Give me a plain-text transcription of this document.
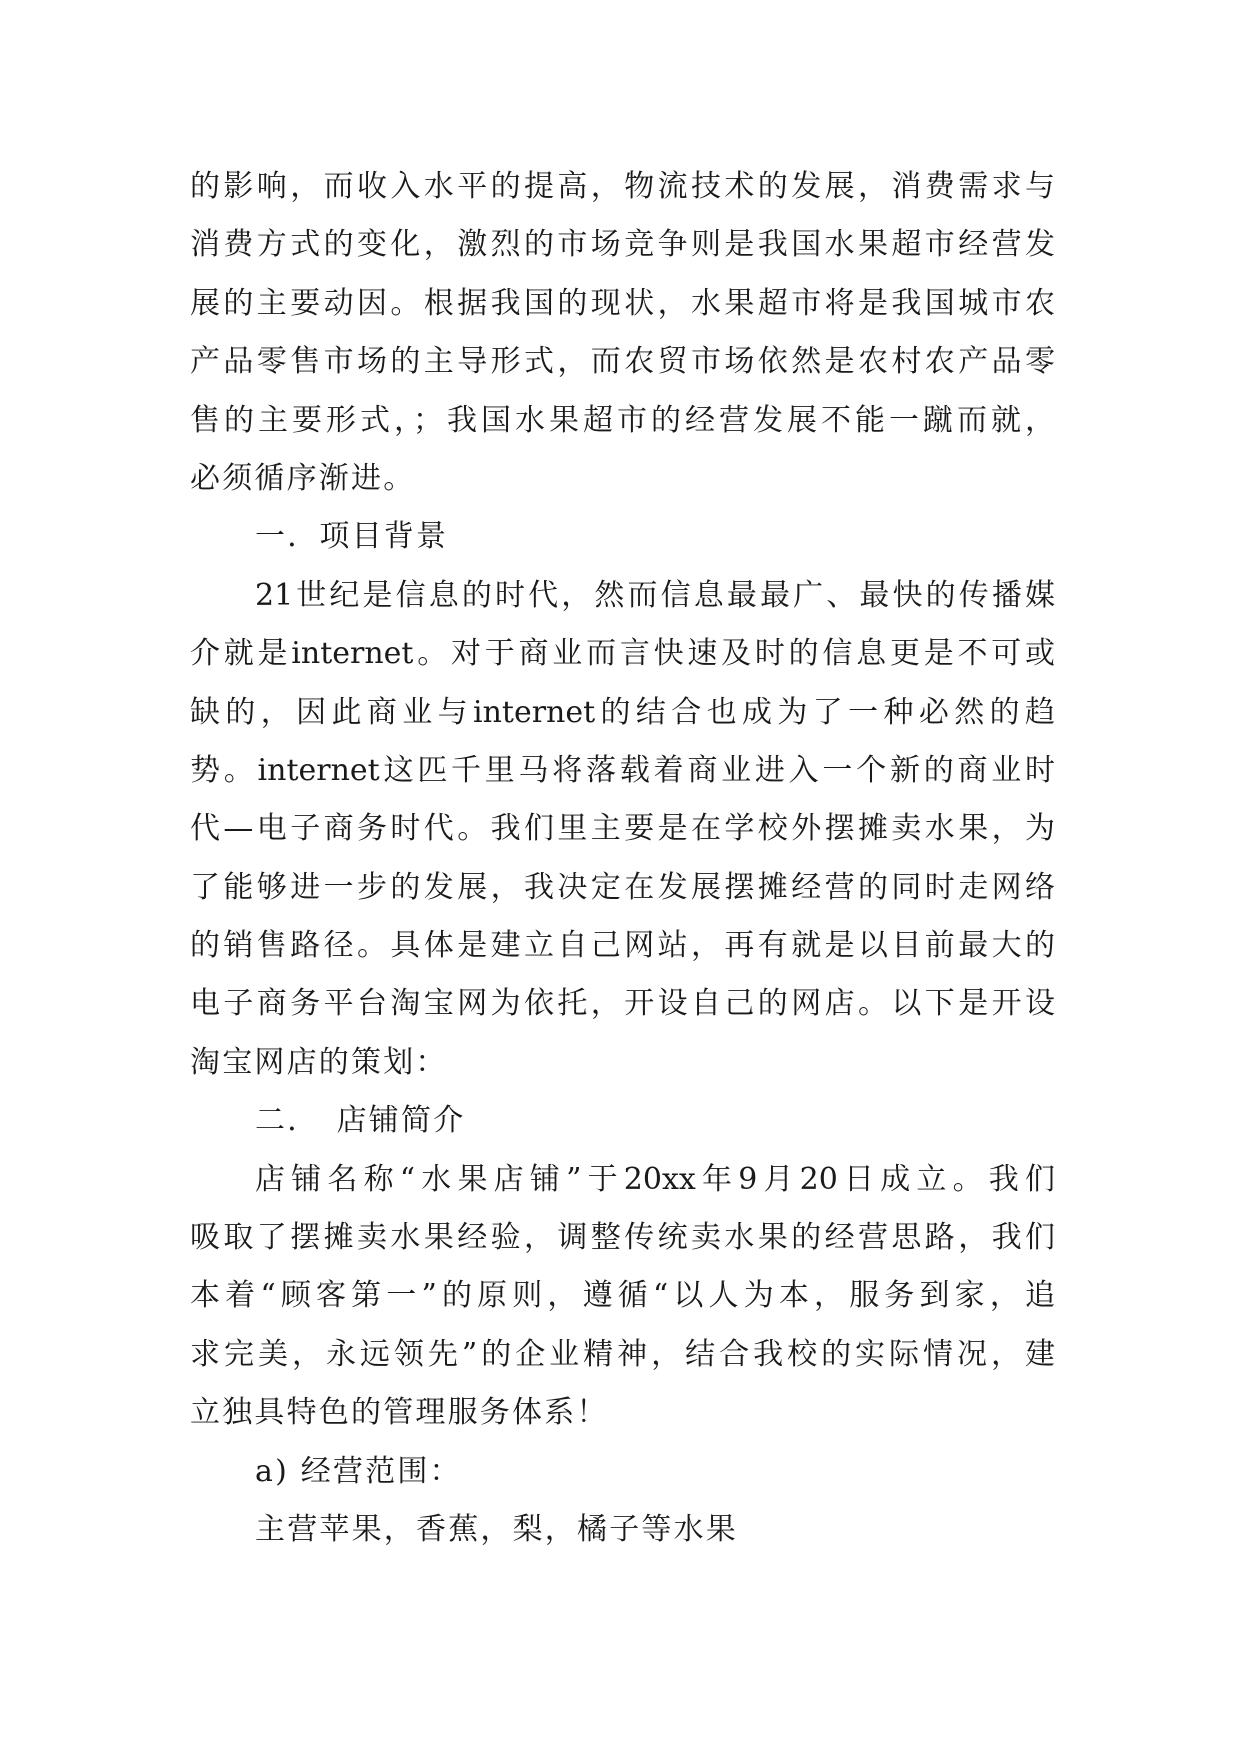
的影响，而收入水平的提高，物流技术的发展，消费需求与
消费方式的变化，激烈的市场竞争则是我国水果超市经营发
展的主要动因。根据我国的现状，水果超市将是我国城市农
产品零售市场的主导形式，而农贸市场依然是农村农产品零
售的主要形式，；我国水果超市的经营发展不能一蹴而就，
必须循序渐进。
一．项目背景
21世纪是信息的时代，然而信息最最广、最快的传播媒
介就是internet。对于商业而言快速及时的信息更是不可或
缺的，因此商业与internet的结合也成为了一种必然的趋
势。internet这匹千里马将落载着商业进入一个新的商业时
代—电子商务时代。我们里主要是在学校外摆摊卖水果，为
了能够进一步的发展，我决定在发展摆摊经营的同时走网络
的销售路径。具体是建立自己网站，再有就是以目前最大的
电子商务平台淘宝网为依托，开设自己的网店。以下是开设
淘宝网店的策划：
二．　店铺简介
店铺名称“水果店铺”于20xx年9月20日成立。我们
吸取了摆摊卖水果经验，调整传统卖水果的经营思路，我们
本着“顾客第一”的原则，遵循“以人为本，服务到家，追
求完美，永远领先”的企业精神，结合我校的实际情况，建
立独具特色的管理服务体系！
a) 经营范围：
主营苹果，香蕉，梨，橘子等水果
